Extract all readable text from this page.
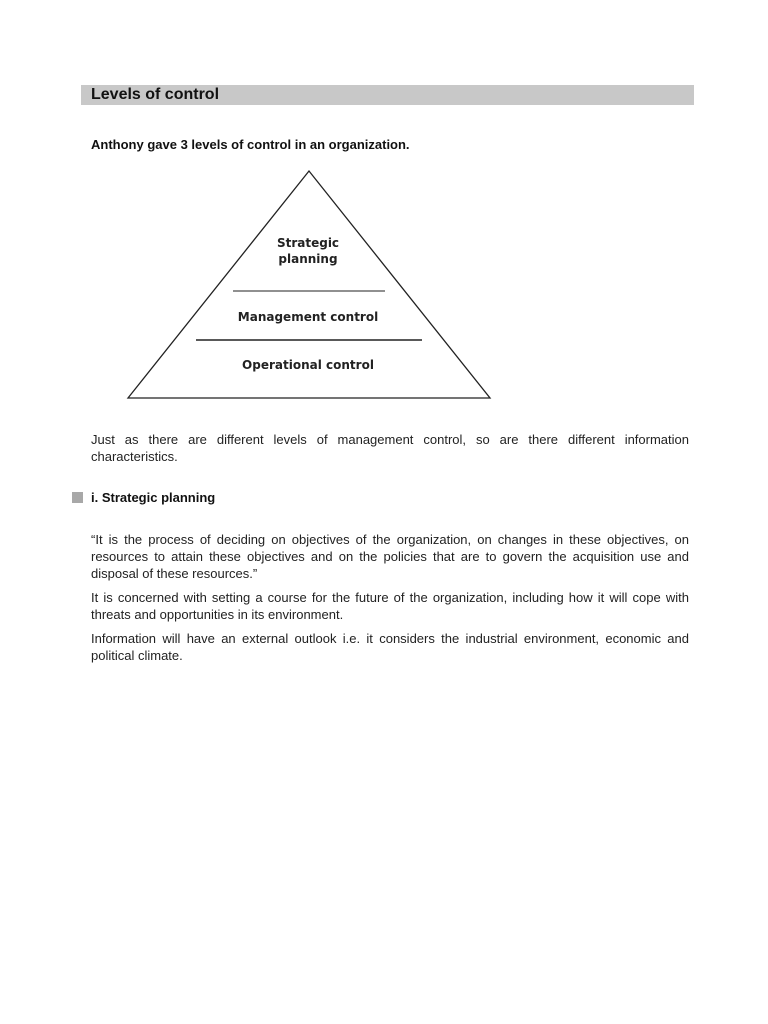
Levels of control
Anthony gave 3 levels of control in an organization.
Strategic
planning
Management control
Operational control

Just as there are different levels of management control, so are there different information characteristics.

i. Strategic planning

“It is the process of deciding on objectives of the organization, on changes in these objectives, on resources to attain these objectives and on the policies that are to govern the acquisition use and disposal of these resources.”

It is concerned with setting a course for the future of the organization, including how it will cope with threats and opportunities in its environment.

Information will have an external outlook i.e. it considers the industrial environment, economic and political climate.
